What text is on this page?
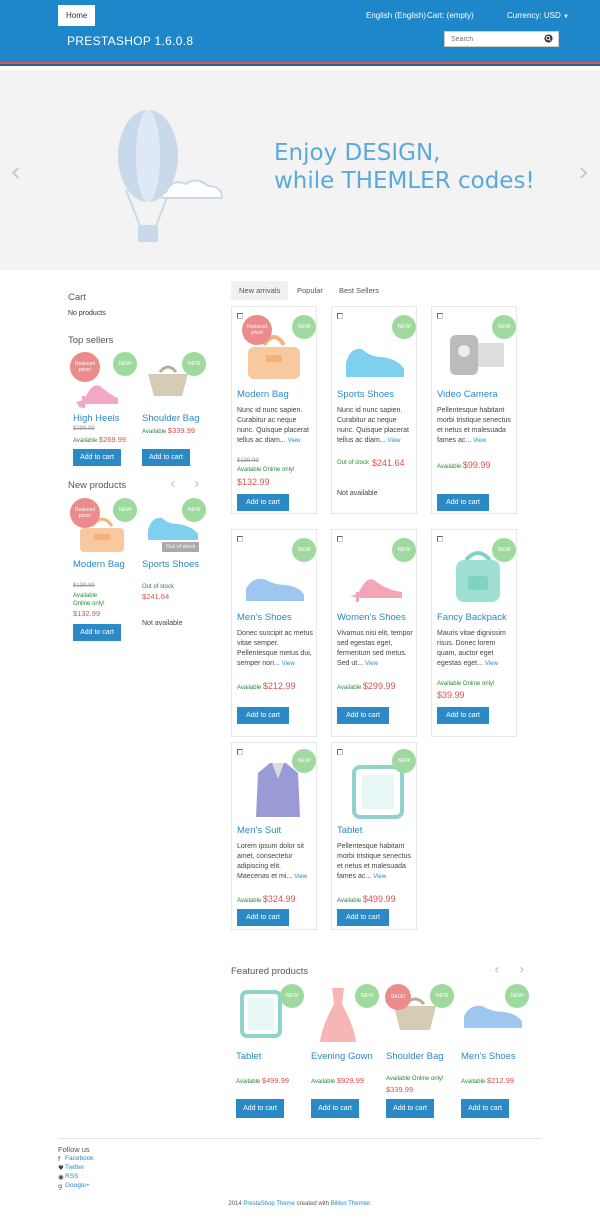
Home	Blog	English (English) Cart: (empty)	Currency: USD ▼
PRESTASHOP 1.6.0.8
Search
Enjoy DESIGN,
while THEMLER codes!
‹	›
Cart
No products
Top sellers
Reduced price!
NEW
High Heels
$299.99
Available $269.99
Add to cart
NEW
Shoulder Bag
Available $339.99
Add to cart
New products	‹ ›
Reduced price!
NEW
Modern Bag
$139.99
Available
Online only!
$132.99
Add to cart
NEW
Out of stock
Sports Shoes
Out of stock
$241.64
Not available
New arrivals	Popular	Best Sellers
Reduced price!
NEW
Modern Bag
Nunc id nunc sapien. Curabitur ac neque nunc. Quisque placerat tellus ac diam... View
$139.99
Available Online only!
$132.99
Add to cart
NEW
Sports Shoes
Nunc id nunc sapien. Curabitur ac neque nunc. Quisque placerat tellus ac diam... View
Out of stock $241.64
Not available
NEW
Video Camera
Pellentesque habitant morbi tristique senectus et netus et malesuada fames ac... View
Available $99.99
Add to cart
NEW
Men’s Shoes
Donec suscipit ac metus vitae semper. Pellentesque metus dui, semper non... View
Available $212.99
Add to cart
NEW
Women’s Shoes
Vivamus nisi elit, tempor sed egestas eget, fermentum sed metus. Sed ut... View
Available $299.99
Add to cart
NEW
Fancy Backpack
Mauris vitae dignissim risus. Donec lorem quam, auctor eget egestas eget... View
Available Online only!
$39.99
Add to cart
NEW
Men’s Suit
Lorem ipsum dolor sit amet, consectetur adipiscing elit. Maecenas et mi... View
Available $324.99
Add to cart
NEW
Tablet
Pellentesque habitant morbi tristique senectus et netus et malesuada fames ac... View
Available $499.99
Add to cart
Featured products	‹ ›
NEW
Tablet
Available $499.99
Add to cart
NEW
Evening Gown
Available $929.99
Add to cart
SALE!	NEW
Shoulder Bag
Available Online only!
$339.99
Add to cart
NEW
Men’s Shoes
Available $212.99
Add to cart
Follow us
f Facebook
♥ Twitter
◉ RSS
g Google+
2014 PrestaShop Theme created with Billion Themler.
